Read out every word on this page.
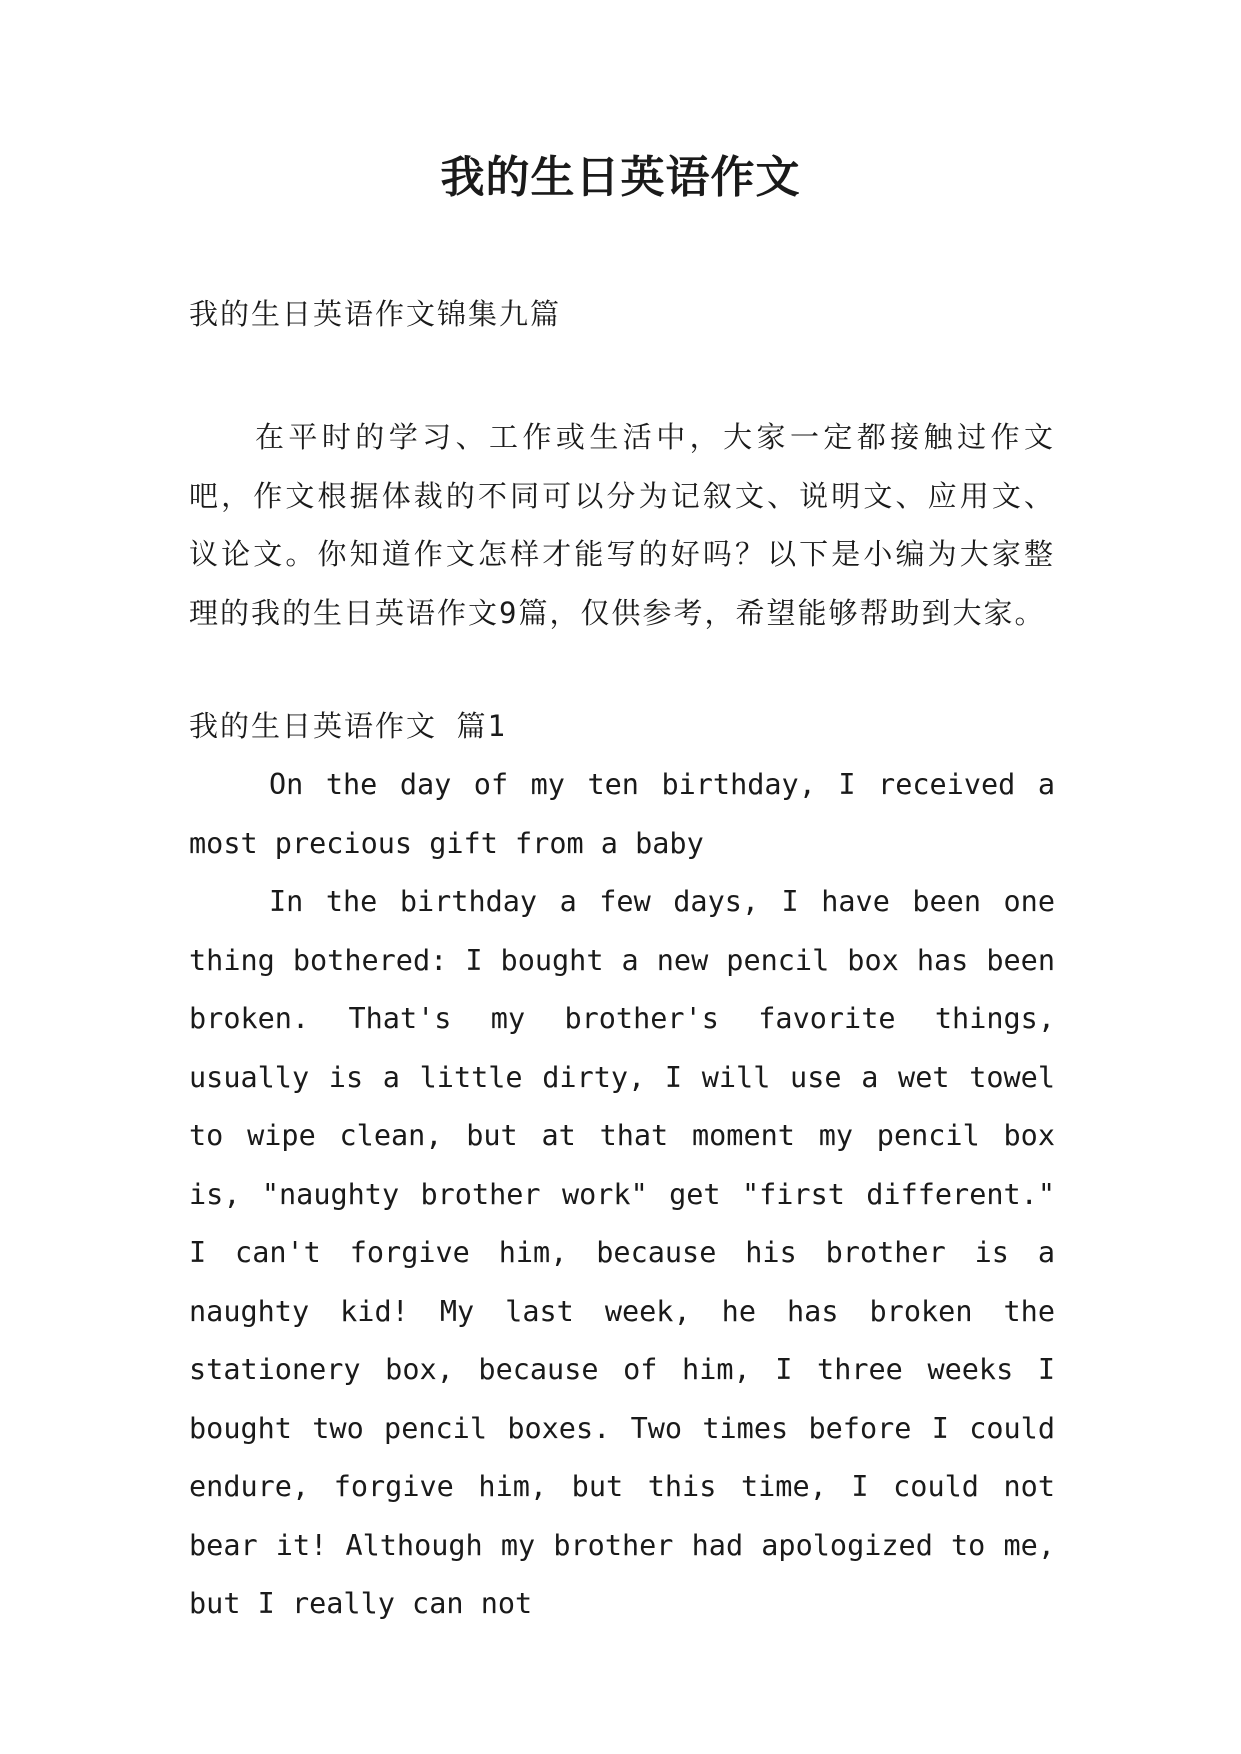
我的生日英语作文
我的生日英语作文锦集九篇
在平时的学习、工作或生活中，大家一定都接触过作文吧，作文根据体裁的不同可以分为记叙文、说明文、应用文、议论文。你知道作文怎样才能写的好吗？以下是小编为大家整理的我的生日英语作文9篇，仅供参考，希望能够帮助到大家。
我的生日英语作文 篇1

On the day of my ten birthday, I received a most precious gift from a baby

In the birthday a few days, I have been one thing bothered: I bought a new pencil box has been broken. That's my brother's favorite things, usually is a little dirty, I will use a wet towel to wipe clean, but at that moment my pencil box is, "naughty brother work" get "first different." I can't forgive him, because his brother is a naughty kid! My last week, he has broken the stationery box, because of him, I three weeks I bought two pencil boxes. Two times before I could endure, forgive him, but this time, I could not bear it! Although my brother had apologized to me, but I really can not
